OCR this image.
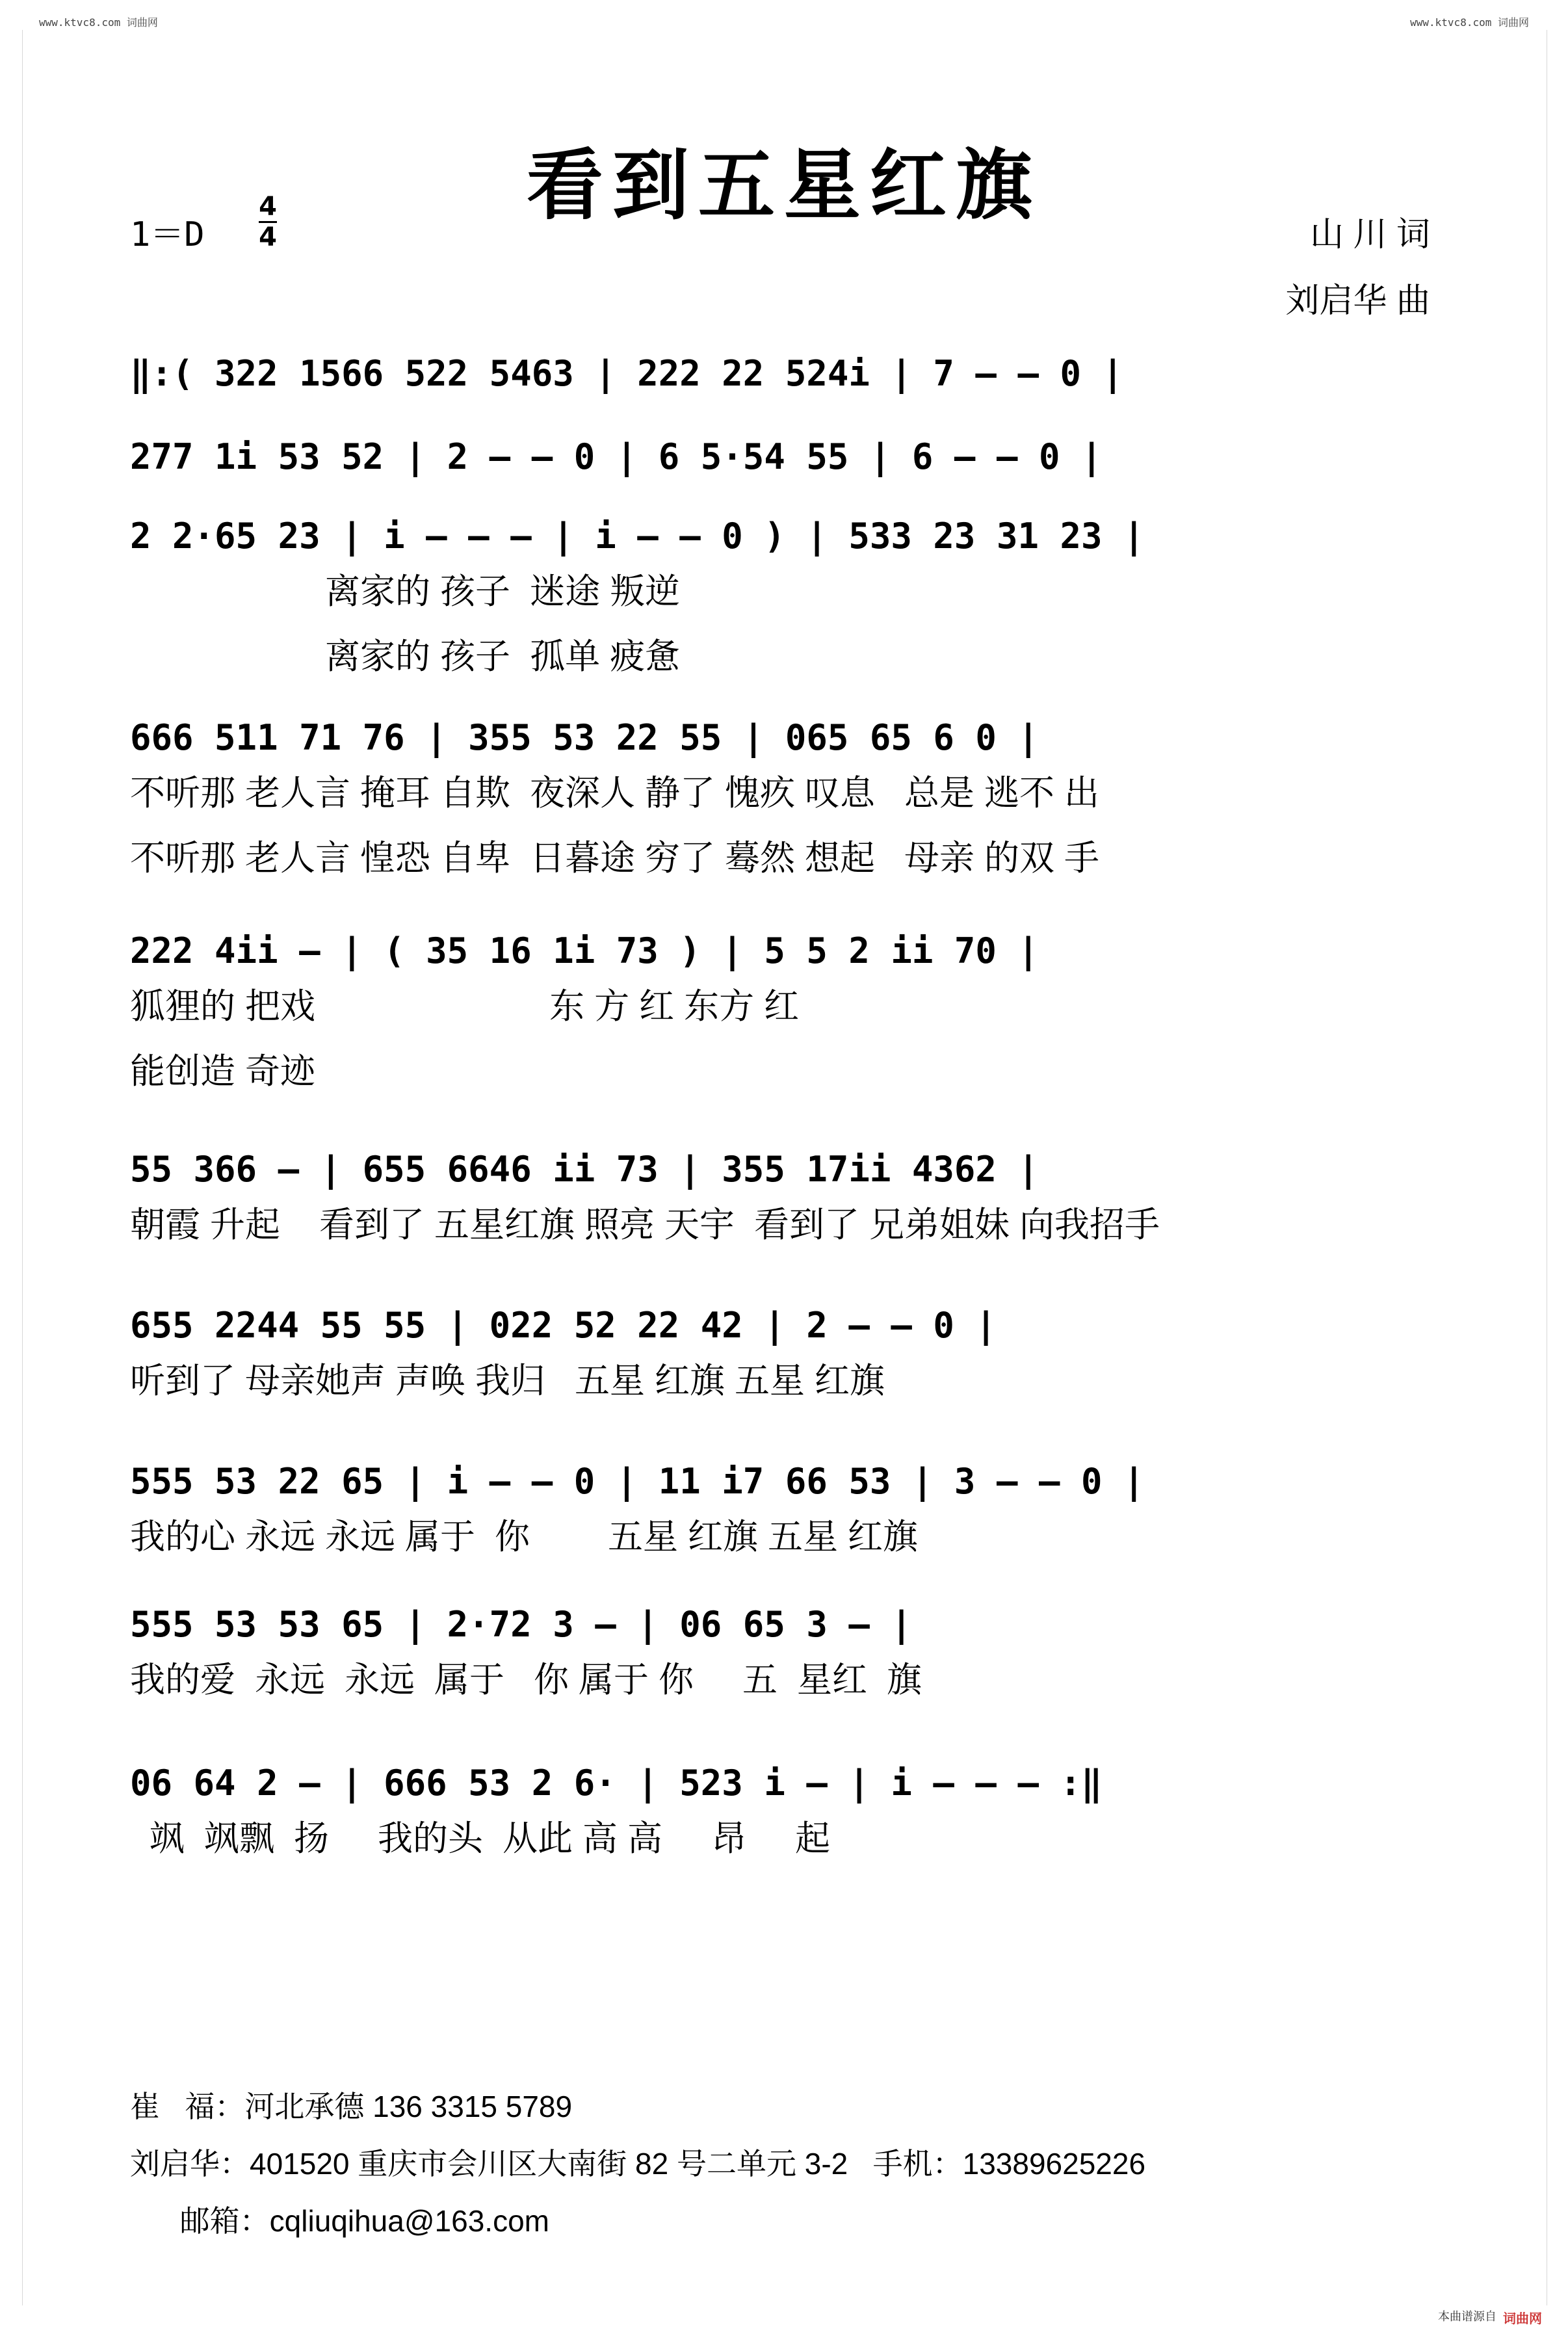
www.ktvc8.com 词曲网	www.ktvc8.com 词曲网
看到五星红旗
1＝D
4
4	山 川 词
刘启华 曲
‖:( 322 1566 522 5463 | 222 22 524i | 7 – – 0 |
277 1i 53 52 | 2 – – 0 | 6 5·54 55 | 6 – – 0 |
2 2·65 23 | i – – – | i – – 0 ) | 533 23 31 23 |
离家的 孩子  迷途 叛逆
离家的 孩子  孤单 疲惫
666 511 71 76 | 355 53 22 55 | 065 65 6 0 |
不听那 老人言 掩耳 自欺  夜深人 静了 愧疚 叹息   总是 逃不 出
不听那 老人言 惶恐 自卑  日暮途 穷了 蓦然 想起   母亲 的双 手
222 4ii – | ( 35 16 1i 73 ) | 5 5 2 ii 70 |
狐狸的 把戏                        东 方 红 东方 红
能创造 奇迹
55 366 – | 655 6646 ii 73 | 355 17ii 4362 |
朝霞 升起    看到了 五星红旗 照亮 天宇  看到了 兄弟姐妹 向我招手
655 2244 55 55 | 022 52 22 42 | 2 – – 0 |
听到了 母亲她声 声唤 我归   五星 红旗 五星 红旗
555 53 22 65 | i – – 0 | 11 i7 66 53 | 3 – – 0 |
我的心 永远 永远 属于  你        五星 红旗 五星 红旗
555 53 53 65 | 2·72 3 – | 06 65 3 – |
我的爱  永远  永远  属于   你 属于 你     五  星红  旗
06 64 2 – | 666 53 2 6· | 523 i – | i – – – :‖
飒  飒飘  扬     我的头  从此 高 高     昂     起
崔   福：河北承德 136 3315 5789
刘启华：401520 重庆市会川区大南街 82 号二单元 3-2   手机：13389625226
邮箱：cqliuqihua@163.com
本曲谱源自 词曲网
